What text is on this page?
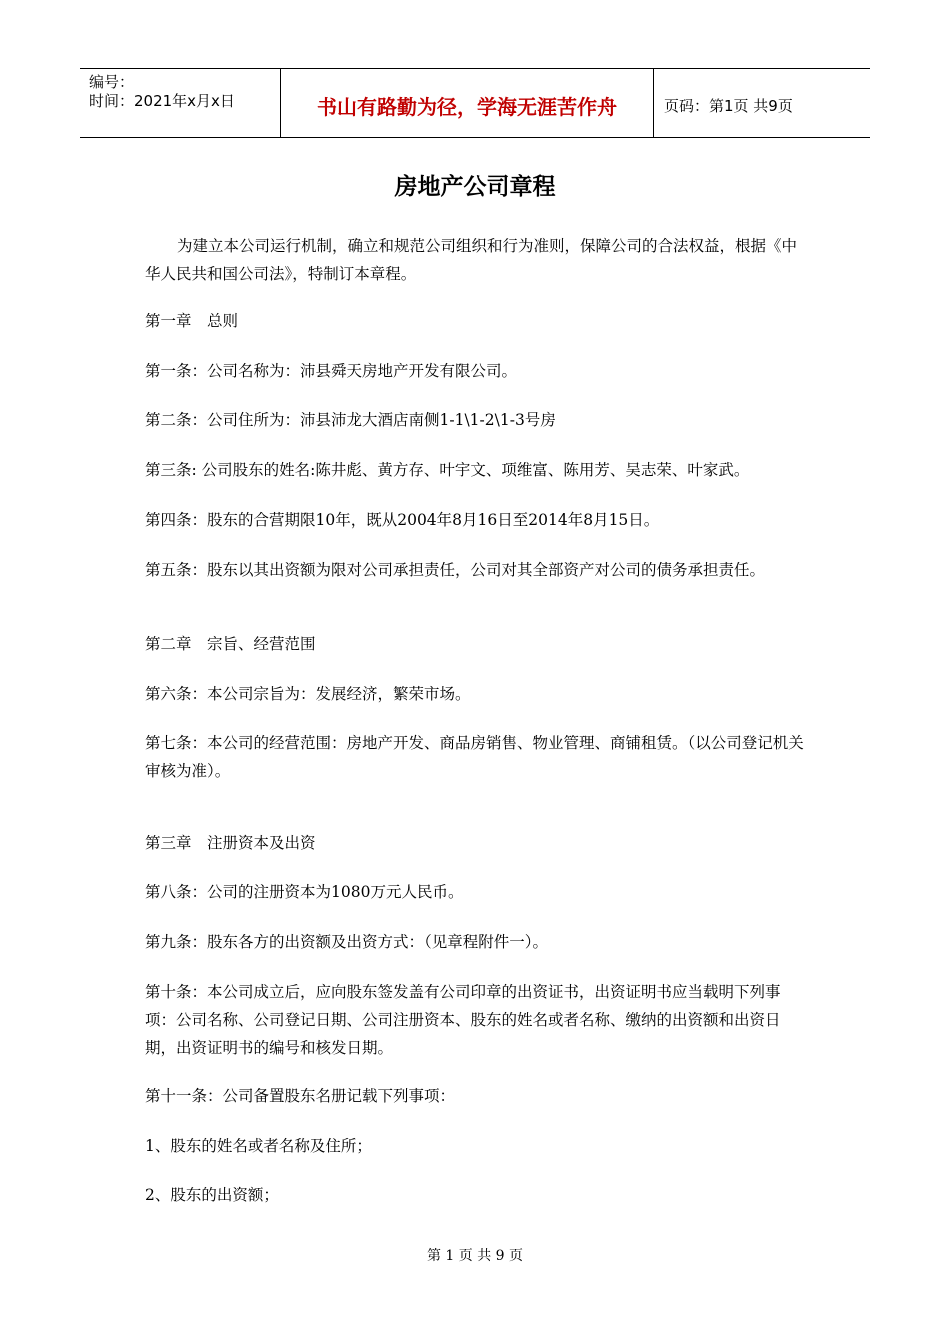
编号：
时间：2021年x月x日	书山有路勤为径，学海无涯苦作舟	页码：第1页 共9页
房地产公司章程

为建立本公司运行机制，确立和规范公司组织和行为准则，保障公司的合法权益，根据《中华人民共和国公司法》，特制订本章程。

第一章　总则

第一条：公司名称为：沛县舜天房地产开发有限公司。

第二条：公司住所为：沛县沛龙大酒店南侧1-1\1-2\1-3号房

第三条: 公司股东的姓名:陈井彪、黄方存、叶宇文、项维富、陈用芳、吴志荣、叶家武。

第四条：股东的合营期限10年，既从2004年8月16日至2014年8月15日。

第五条：股东以其出资额为限对公司承担责任，公司对其全部资产对公司的债务承担责任。

第二章　宗旨、经营范围

第六条：本公司宗旨为：发展经济，繁荣市场。

第七条：本公司的经营范围：房地产开发、商品房销售、物业管理、商铺租赁。（以公司登记机关审核为准）。

第三章　注册资本及出资

第八条：公司的注册资本为1080万元人民币。

第九条：股东各方的出资额及出资方式：（见章程附件一）。

第十条：本公司成立后，应向股东签发盖有公司印章的出资证书，出资证明书应当载明下列事项：公司名称、公司登记日期、公司注册资本、股东的姓名或者名称、缴纳的出资额和出资日期，出资证明书的编号和核发日期。

第十一条：公司备置股东名册记载下列事项：

1、股东的姓名或者名称及住所；

2、股东的出资额；

第 1 页 共 9 页
